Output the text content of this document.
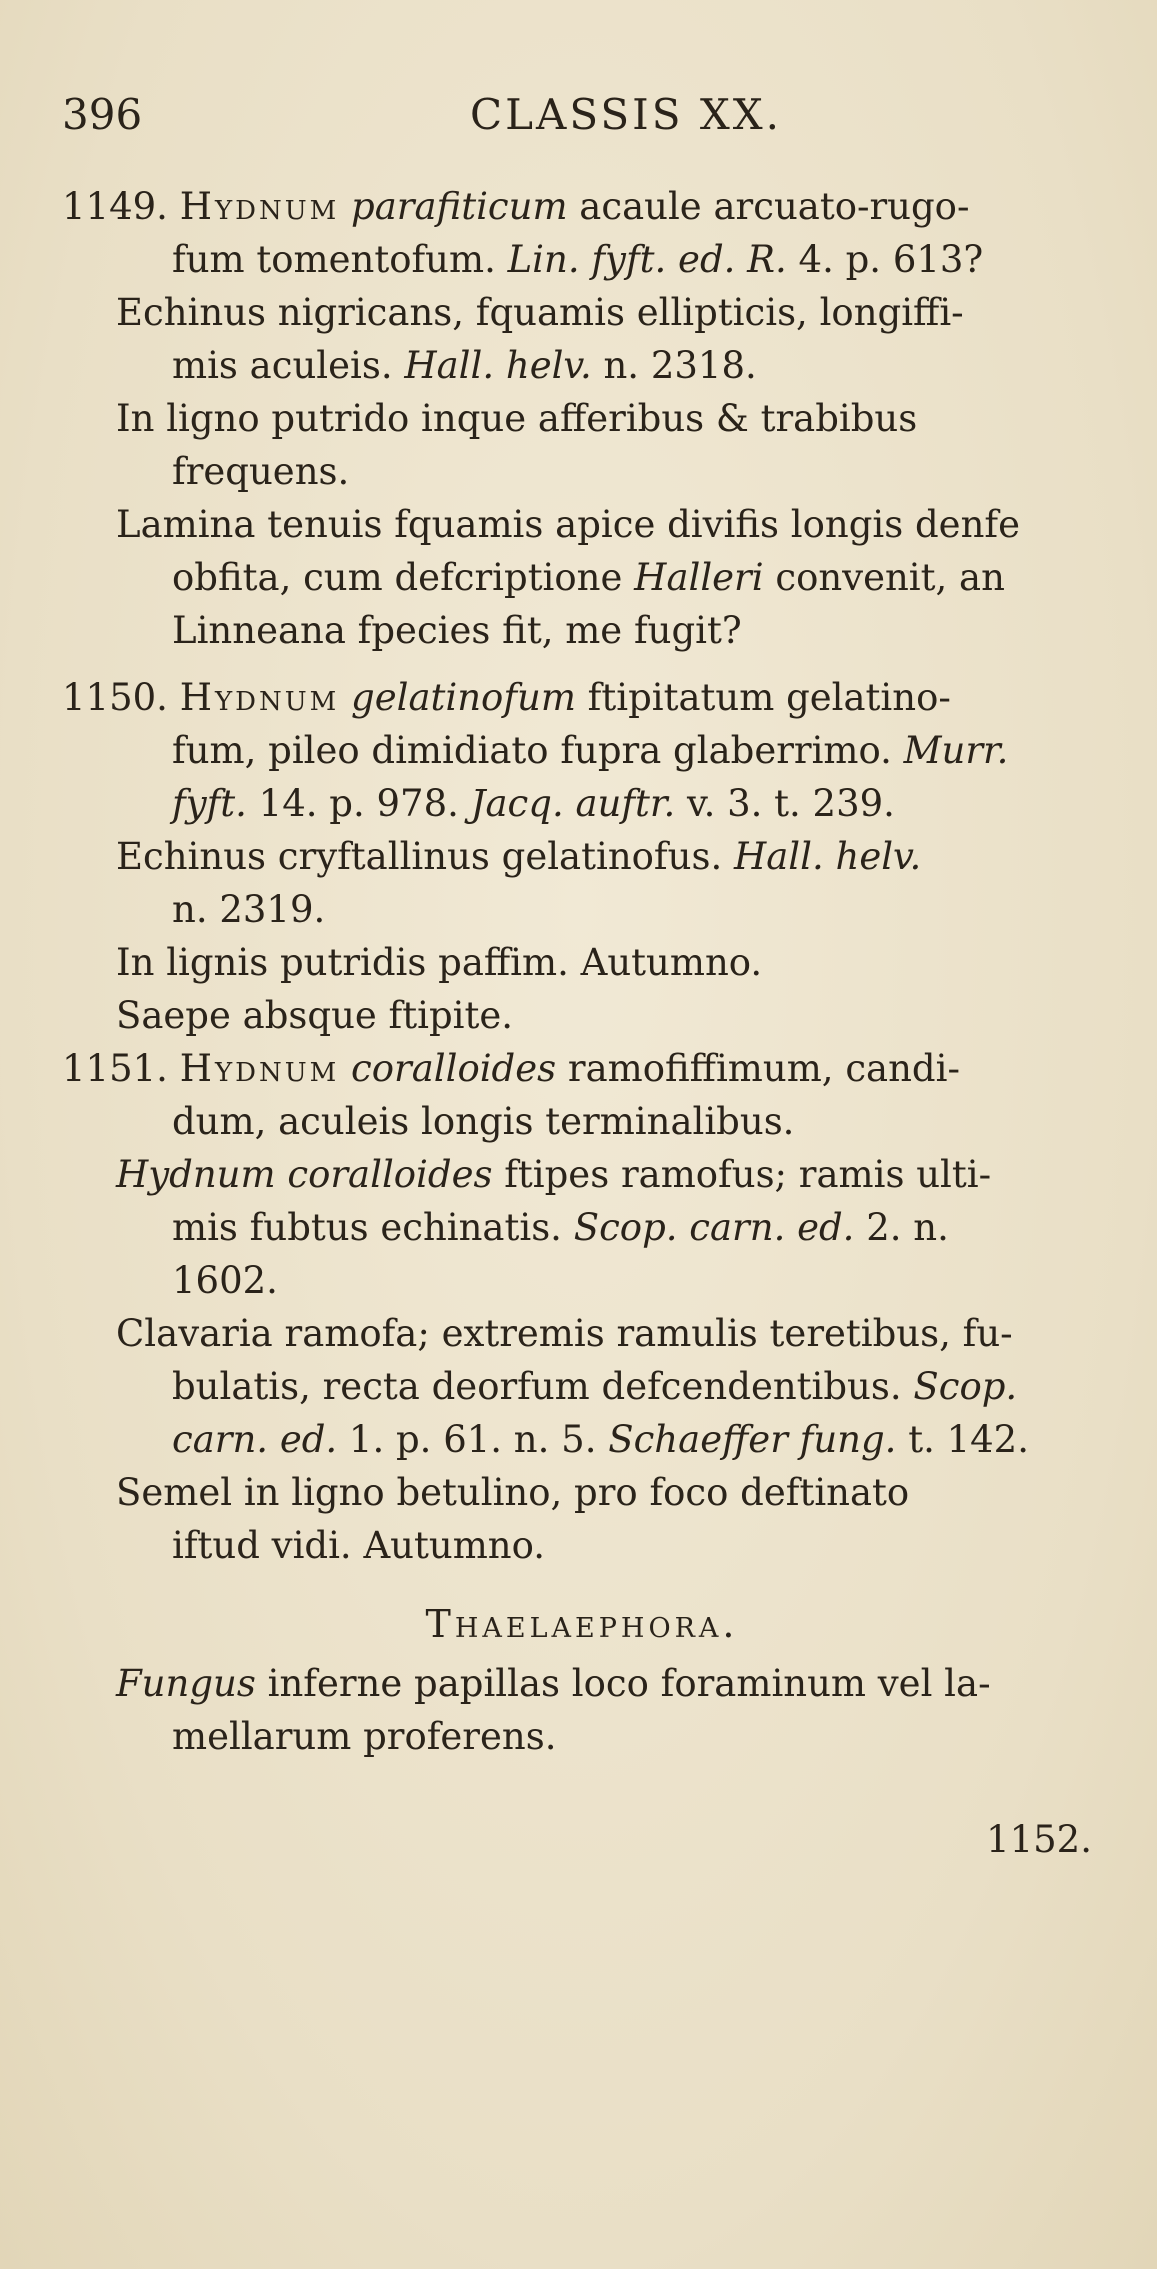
396	CLASSIS XX.
1149. Hydnum parafiticum acaule arcuato-rugo-
fum tomentofum. Lin. fyft. ed. R. 4. p. 613?
Echinus nigricans, fquamis ellipticis, longiffi-
mis aculeis. Hall. helv. n. 2318.
In ligno putrido inque afferibus & trabibus
frequens.
Lamina tenuis fquamis apice divifis longis denfe
obfita, cum defcriptione Halleri convenit, an
Linneana fpecies fit, me fugit?
1150. Hydnum gelatinofum ftipitatum gelatino-
fum, pileo dimidiato fupra glaberrimo. Murr.
fyft. 14. p. 978. Jacq. auftr. v. 3. t. 239.
Echinus cryftallinus gelatinofus. Hall. helv.
n. 2319.
In lignis putridis paffim. Autumno.
Saepe absque ftipite.
1151. Hydnum coralloides ramofiffimum, candi-
dum, aculeis longis terminalibus.
Hydnum coralloides ftipes ramofus; ramis ulti-
mis fubtus echinatis. Scop. carn. ed. 2. n.
1602.
Clavaria ramofa; extremis ramulis teretibus, fu-
bulatis, recta deorfum defcendentibus. Scop.
carn. ed. 1. p. 61. n. 5. Schaeffer fung. t. 142.
Semel in ligno betulino, pro foco deftinato
iftud vidi. Autumno.
Thaelaephora.
Fungus inferne papillas loco foraminum vel la-
mellarum proferens.
1152.
